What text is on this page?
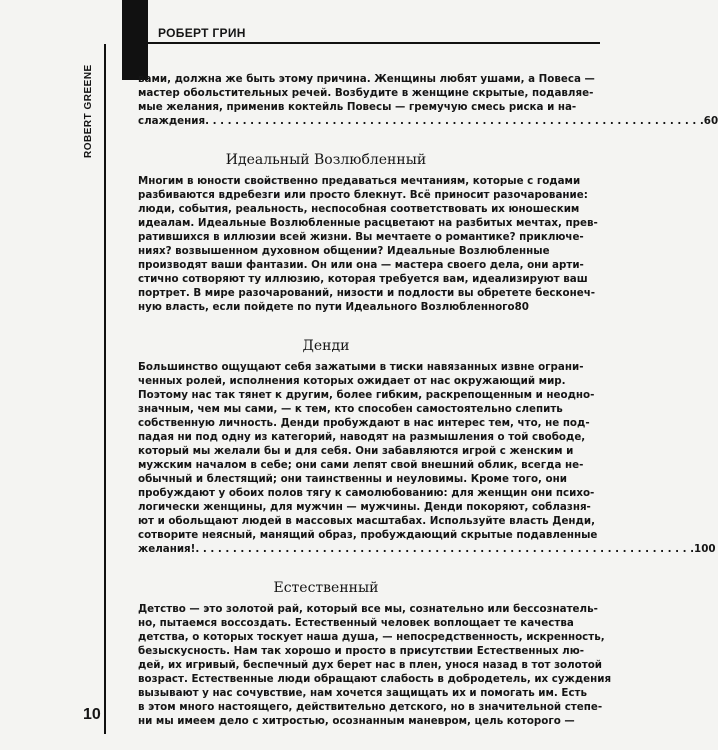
РОБЕРТ ГРИН
ROBERT GREENE	вами, должна же быть этому причина. Женщины любят ушами, а Повеса —
мастер обольстительных речей. Возбудите в женщине скрытые, подавляе-
мые желания, применив коктейль Повесы — гремучую смесь риска и на-
слаждения . . .	60

Идеальный Возлюбленный

Многим в юности свойственно предаваться мечтаниям, которые с годами
разбиваются вдребезги или просто блекнут. Всё приносит разочарование:
люди, события, реальность, неспособная соответствовать их юношеским
идеалам. Идеальные Возлюбленные расцветают на разбитых мечтах, прев-
ратившихся в иллюзии всей жизни. Вы мечтаете о романтике? приключе-
ниях? возвышенном духовном общении? Идеальные Возлюбленные
производят ваши фантазии. Он или она — мастера своего дела, они арти-
стично сотворяют ту иллюзию, которая требуется вам, идеализируют ваш
портрет. В мире разочарований, низости и подлости вы обретете бесконеч-
ную власть, если пойдете по пути Идеального Возлюбленного 80

Денди

Большинство ощущают себя зажатыми в тиски навязанных извне ограни-
ченных ролей, исполнения которых ожидает от нас окружающий мир.
Поэтому нас так тянет к другим, более гибким, раскрепощенным и неодно-
значным, чем мы сами, — к тем, кто способен самостоятельно слепить
собственную личность. Денди пробуждают в нас интерес тем, что, не под-
падая ни под одну из категорий, наводят на размышления о той свободе,
который мы желали бы и для себя. Они забавляются игрой с женским и
мужским началом в себе; они сами лепят свой внешний облик, всегда не-
обычный и блестящий; они таинственны и неуловимы. Кроме того, они
пробуждают у обоих полов тягу к самолюбованию: для женщин они психо-
логически женщины, для мужчин — мужчины. Денди покоряют, соблазня-
ют и обольщают людей в массовых масштабах. Используйте власть Денди,
сотворите неясный, манящий образ, пробуждающий скрытые подавленные
желания! . . .	100

Естественный

Детство — это золотой рай, который все мы, сознательно или бессознатель-
но, пытаемся воссоздать. Естественный человек воплощает те качества
детства, о которых тоскует наша душа, — непосредственность, искренность,
безыскусность. Нам так хорошо и просто в присутствии Естественных лю-
дей, их игривый, беспечный дух берет нас в плен, унося назад в тот золотой
возраст. Естественные люди обращают слабость в добродетель, их суждения
вызывают у нас сочувствие, нам хочется защищать их и помогать им. Есть
в этом много настоящего, действительно детского, но в значительной степе-
ни мы имеем дело с хитростью, осознанным маневром, цель которого —
10
